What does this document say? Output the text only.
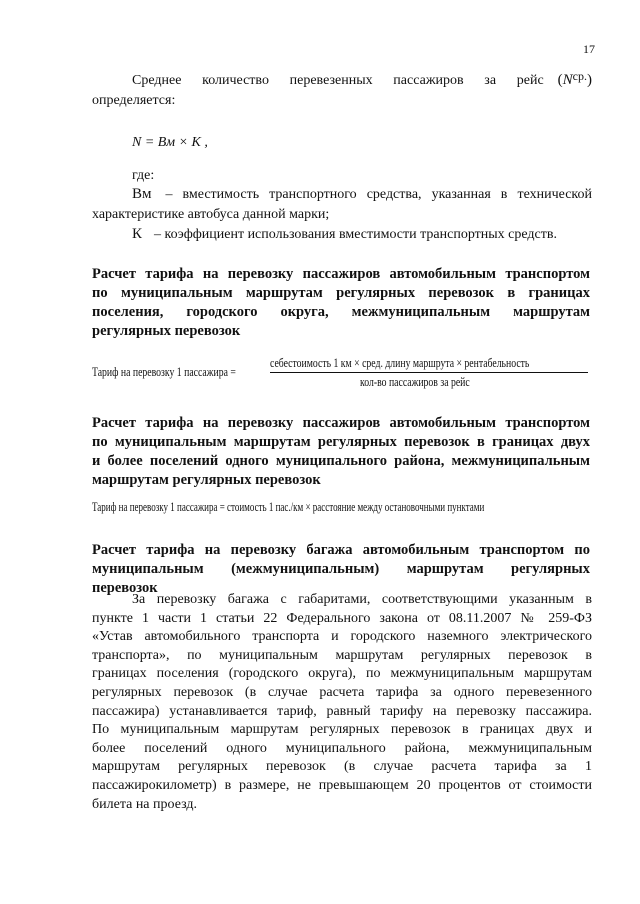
17
Среднее количество перевезенных пассажиров за рейс $(N^{ср.})$
определяется:
N = Вм × К ,
где:
Вм	– вместимость транспортного средства, указанная в технической
характеристике автобуса данной марки;
К – коэффициент использования вместимости транспортных средств.
Расчет тарифа на перевозку пассажиров автомобильным транспортом
по муниципальным маршрутам регулярных перевозок в границах
поселения, городского округа, межмуниципальным маршрутам
регулярных перевозок
Тариф на перевозку 1 пассажира =
себестоимость 1 км × сред. длину маршрута × рентабельность
кол-во пассажиров за рейс
Расчет тарифа на перевозку пассажиров автомобильным транспортом
по муниципальным маршрутам регулярных перевозок в границах двух
и более поселений одного муниципального района, межмуниципальным
маршрутам регулярных перевозок
Тариф на перевозку 1 пассажира = стоимость 1 пас./км × расстояние между остановочными пунктами
Расчет тарифа на перевозку багажа автомобильным транспортом по
муниципальным (межмуниципальным) маршрутам регулярных
перевозок
За перевозку багажа с габаритами, соответствующими указанным в
пункте 1 части 1 статьи 22 Федерального закона от 08.11.2007 № 259-ФЗ
«Устав автомобильного транспорта и городского наземного электрического
транспорта», по муниципальным маршрутам регулярных перевозок в
границах поселения (городского округа), по межмуниципальным маршрутам
регулярных перевозок (в случае расчета тарифа за одного перевезенного
пассажира) устанавливается тариф, равный тарифу на перевозку пассажира.
По муниципальным маршрутам регулярных перевозок в границах двух и
более поселений одного муниципального района, межмуниципальным
маршрутам регулярных перевозок (в случае расчета тарифа за 1
пассажирокилометр) в размере, не превышающем 20 процентов от стоимости
билета на проезд.
